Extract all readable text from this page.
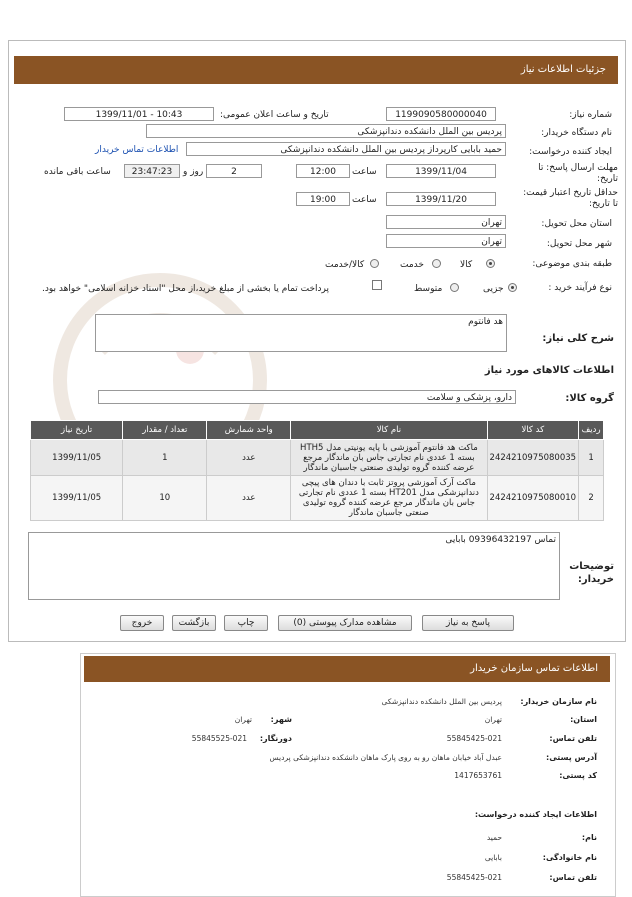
جزئیات اطلاعات نیاز
شماره نیاز:
1199090580000040
تاریخ و ساعت اعلان عمومی:
1399/11/01 - 10:43
نام دستگاه خریدار:
پردیس بین الملل دانشکده دندانپزشکی
ایجاد کننده درخواست:
حمید بابایی کارپرداز پردیس بین الملل دانشکده دندانپزشکی
اطلاعات تماس خریدار
مهلت ارسال پاسخ: تا تاریخ:
1399/11/04
ساعت
12:00
2
روز و
23:47:23
ساعت باقی مانده
حداقل تاریخ اعتبار قیمت: تا تاریخ:
1399/11/20
ساعت
19:00
استان محل تحویل:
تهران
شهر محل تحویل:
تهران
طبقه بندی موضوعی:
کالا
خدمت
کالا/خدمت
نوع فرآیند خرید :
جزیی
متوسط
پرداخت تمام یا بخشی از مبلغ خرید،از محل "اسناد خزانه اسلامی" خواهد بود.
شرح کلی نیاز:
هد فانتوم
اطلاعات کالاهای مورد نیاز
گروه کالا:
دارو، پزشکی و سلامت
ردیف	کد کالا	نام کالا	واحد شمارش	تعداد / مقدار	تاریخ نیاز
1	2424210975080035	ماکت هد فانتوم آموزشی با پایه یونیتی مدل HTH5 بسته 1 عددی نام تجارتی جاس بان ماندگار مرجع عرضه کننده گروه تولیدی صنعتی جاسبان ماندگار	عدد	1	1399/11/05
2	2424210975080010	ماکت آرک آموزشی پروتز ثابت با دندان های پیچی دندانپزشکی مدل HT201 بسته 1 عددی نام تجارتی جاس بان ماندگار مرجع عرضه کننده گروه تولیدی صنعتی جاسبان ماندگار	عدد	10	1399/11/05
توضیحات خریدار:
تماس 09396432197 بابایی
پاسخ به نیاز
مشاهده مدارک پیوستی (0)
چاپ
بازگشت
خروج
اطلاعات تماس سازمان خریدار
نام سازمان خریدار:
پردیس بین الملل دانشکده دندانپزشکی
استان:
تهران
شهر:
تهران
تلفن تماس:
55845425-021
دورنگار:
55845525-021
آدرس پستی:
عبدل آباد خیابان ماهان رو به روی پارک ماهان دانشکده دندانپزشکی پردیس
کد پستی:
1417653761
اطلاعات ایجاد کننده درخواست:
نام:
حمید
نام خانوادگی:
بابایی
تلفن تماس:
55845425-021
